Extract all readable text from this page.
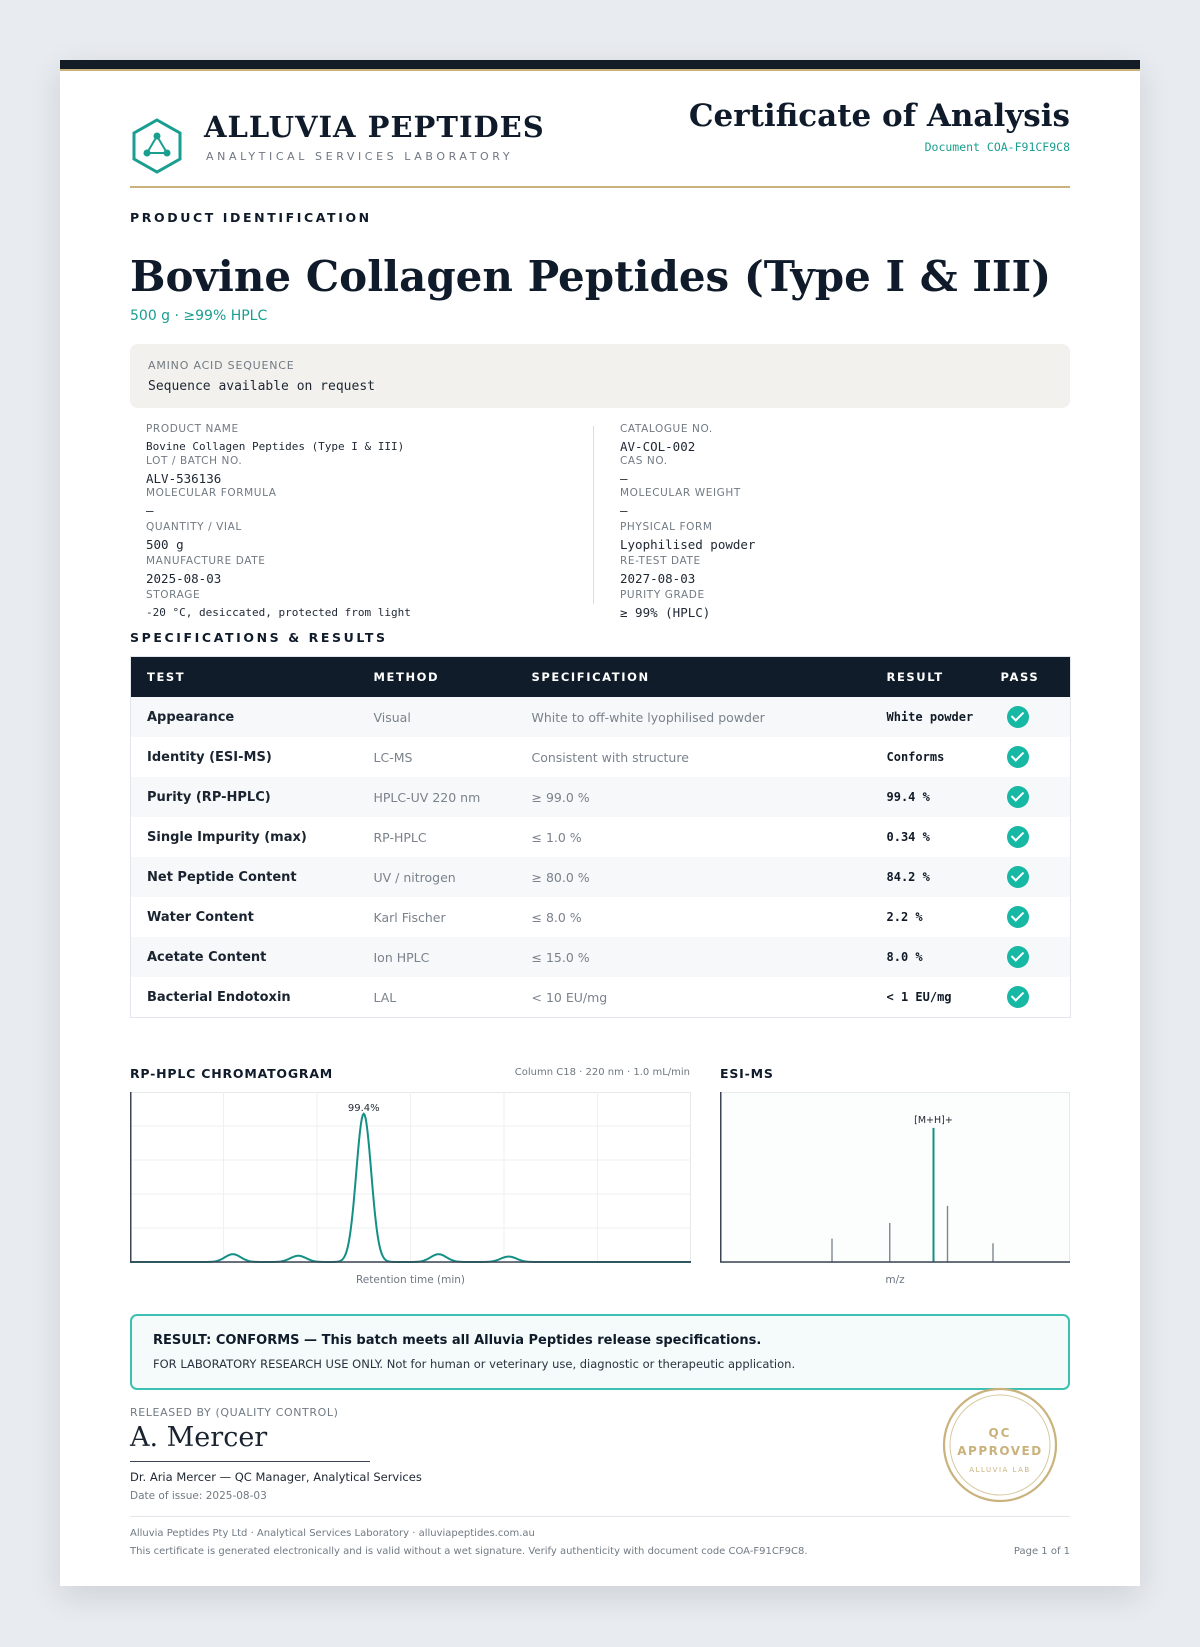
ALLUVIA PEPTIDES
ANALYTICAL SERVICES LABORATORY
Certificate of Analysis
Document COA-F91CF9C8
PRODUCT IDENTIFICATION
Bovine Collagen Peptides (Type I & III)
500 g · ≥99% HPLC
AMINO ACID SEQUENCE
Sequence available on request
PRODUCT NAME
Bovine Collagen Peptides (Type I & III)
LOT / BATCH NO.
ALV-536136
MOLECULAR FORMULA
—
QUANTITY / VIAL
500 g
MANUFACTURE DATE
2025-08-03
STORAGE
-20 °C, desiccated, protected from light
CATALOGUE NO.
AV-COL-002
CAS NO.
—
MOLECULAR WEIGHT
—
PHYSICAL FORM
Lyophilised powder
RE-TEST DATE
2027-08-03
PURITY GRADE
≥ 99% (HPLC)
SPECIFICATIONS & RESULTS
TEST	METHOD	SPECIFICATION	RESULT	PASS
Appearance	Visual	White to off-white lyophilised powder	White powder	
Identity (ESI-MS)	LC-MS	Consistent with structure	Conforms	
Purity (RP-HPLC)	HPLC-UV 220 nm	≥ 99.0 %	99.4 %	
Single Impurity (max)	RP-HPLC	≤ 1.0 %	0.34 %	
Net Peptide Content	UV / nitrogen	≥ 80.0 %	84.2 %	
Water Content	Karl Fischer	≤ 8.0 %	2.2 %	
Acetate Content	Ion HPLC	≤ 15.0 %	8.0 %	
Bacterial Endotoxin	LAL	< 10 EU/mg	< 1 EU/mg	
RP-HPLC CHROMATOGRAM	Column C18 · 220 nm · 1.0 mL/min
99.4%
Retention time (min)
ESI-MS
[M+H]+
m/z
RESULT: CONFORMS — This batch meets all Alluvia Peptides release specifications.
FOR LABORATORY RESEARCH USE ONLY. Not for human or veterinary use, diagnostic or therapeutic application.
RELEASED BY (QUALITY CONTROL)
A. Mercer
Dr. Aria Mercer — QC Manager, Analytical Services
Date of issue: 2025-08-03
QC
APPROVED
ALLUVIA LAB
Alluvia Peptides Pty Ltd · Analytical Services Laboratory · alluviapeptides.com.au
This certificate is generated electronically and is valid without a wet signature. Verify authenticity with document code COA-F91CF9C8.	Page 1 of 1
